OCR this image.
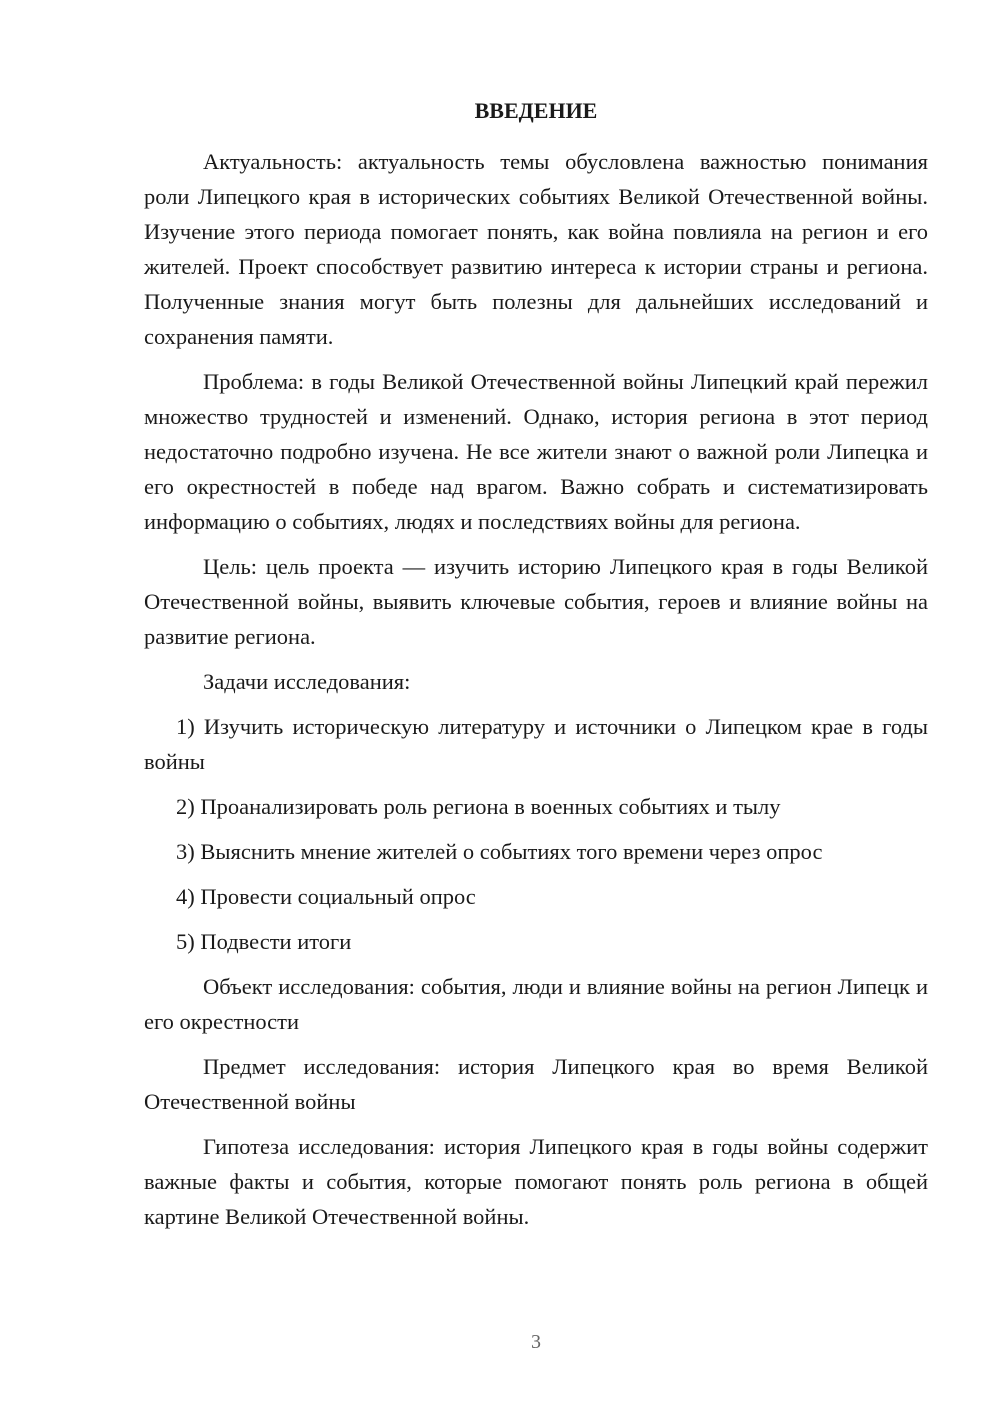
ВВЕДЕНИЕ

Актуальность: актуальность темы обусловлена важностью понимания роли Липецкого края в исторических событиях Великой Отечественной войны. Изучение этого периода помогает понять, как война повлияла на регион и его жителей. Проект способствует развитию интереса к истории страны и региона. Полученные знания могут быть полезны для дальнейших исследований и сохранения памяти.

Проблема: в годы Великой Отечественной войны Липецкий край пережил множество трудностей и изменений. Однако, история региона в этот период недостаточно подробно изучена. Не все жители знают о важной роли Липецка и его окрестностей в победе над врагом. Важно собрать и систематизировать информацию о событиях, людях и последствиях войны для региона.

Цель: цель проекта — изучить историю Липецкого края в годы Великой Отечественной войны, выявить ключевые события, героев и влияние войны на развитие региона.

Задачи исследования:

1) Изучить историческую литературу и источники о Липецком крае в годы войны

2) Проанализировать роль региона в военных событиях и тылу

3) Выяснить мнение жителей о событиях того времени через опрос

4) Провести социальный опрос

5) Подвести итоги

Объект исследования: события, люди и влияние войны на регион Липецк и его окрестности

Предмет исследования: история Липецкого края во время Великой Отечественной войны

Гипотеза исследования: история Липецкого края в годы войны содержит важные факты и события, которые помогают понять роль региона в общей картине Великой Отечественной войны.

3
